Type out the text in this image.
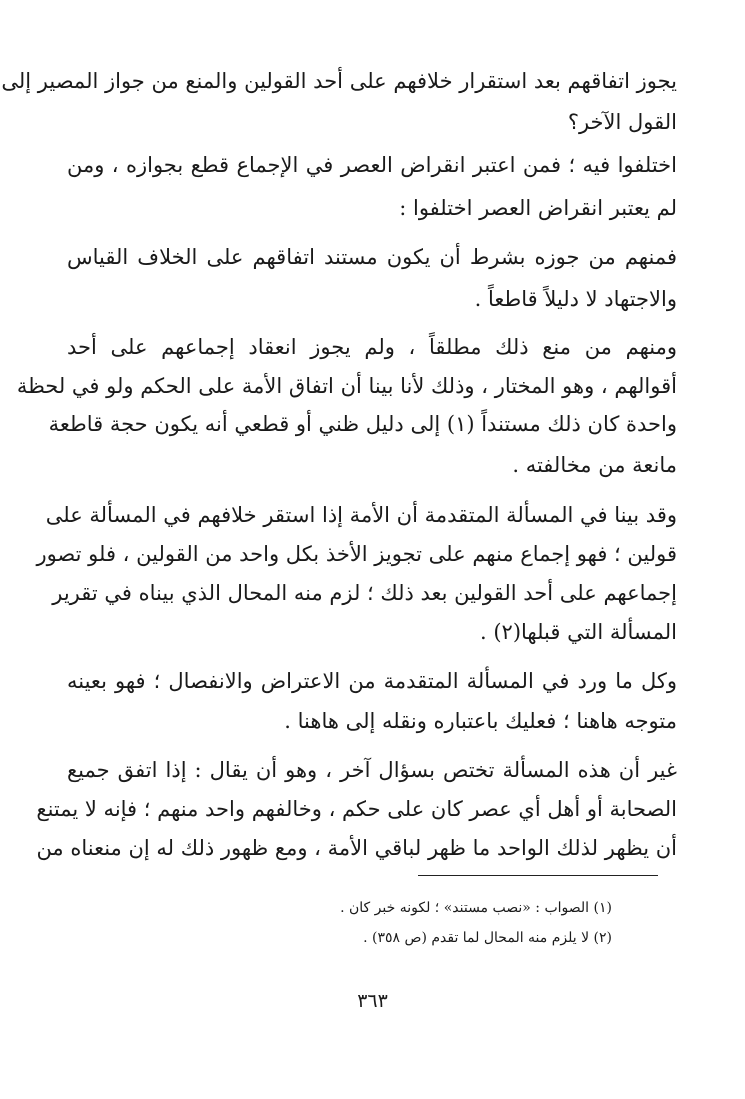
يجوز اتفاقهم بعد استقرار خلافهم على أحد القولين والمنع من جواز المصير إلى
القول الآخر؟
اختلفوا فيه ؛ فمن اعتبر انقراض العصر في الإجماع قطع بجوازه ، ومن
لم يعتبر انقراض العصر اختلفوا :
فمنهم من جوزه بشرط أن يكون مستند اتفاقهم على الخلاف القياس
والاجتهاد لا دليلاً قاطعاً .
ومنهم من منع ذلك مطلقاً ، ولم يجوز انعقاد إجماعهم على أحد
أقوالهم ، وهو المختار ، وذلك لأنا بينا أن اتفاق الأمة على الحكم ولو في لحظة
واحدة كان ذلك مستنداً (١) إلى دليل ظني أو قطعي أنه يكون حجة قاطعة
مانعة من مخالفته .
وقد بينا في المسألة المتقدمة أن الأمة إذا استقر خلافهم في المسألة على
قولين ؛ فهو إجماع منهم على تجويز الأخذ بكل واحد من القولين ، فلو تصور
إجماعهم على أحد القولين بعد ذلك ؛ لزم منه المحال الذي بيناه في تقرير
المسألة التي قبلها(٢) .
وكل ما ورد في المسألة المتقدمة من الاعتراض والانفصال ؛ فهو بعينه
متوجه هاهنا ؛ فعليك باعتباره ونقله إلى هاهنا .
غير أن هذه المسألة تختص بسؤال آخر ، وهو أن يقال : إذا اتفق جميع
الصحابة أو أهل أي عصر كان على حكم ، وخالفهم واحد منهم ؛ فإنه لا يمتنع
أن يظهر لذلك الواحد ما ظهر لباقي الأمة ، ومع ظهور ذلك له إن منعناه من
(١) الصواب : «نصب مستند» ؛ لكونه خبر كان .
(٢) لا يلزم منه المحال لما تقدم (ص ٣٥٨) .
٣٦٣
